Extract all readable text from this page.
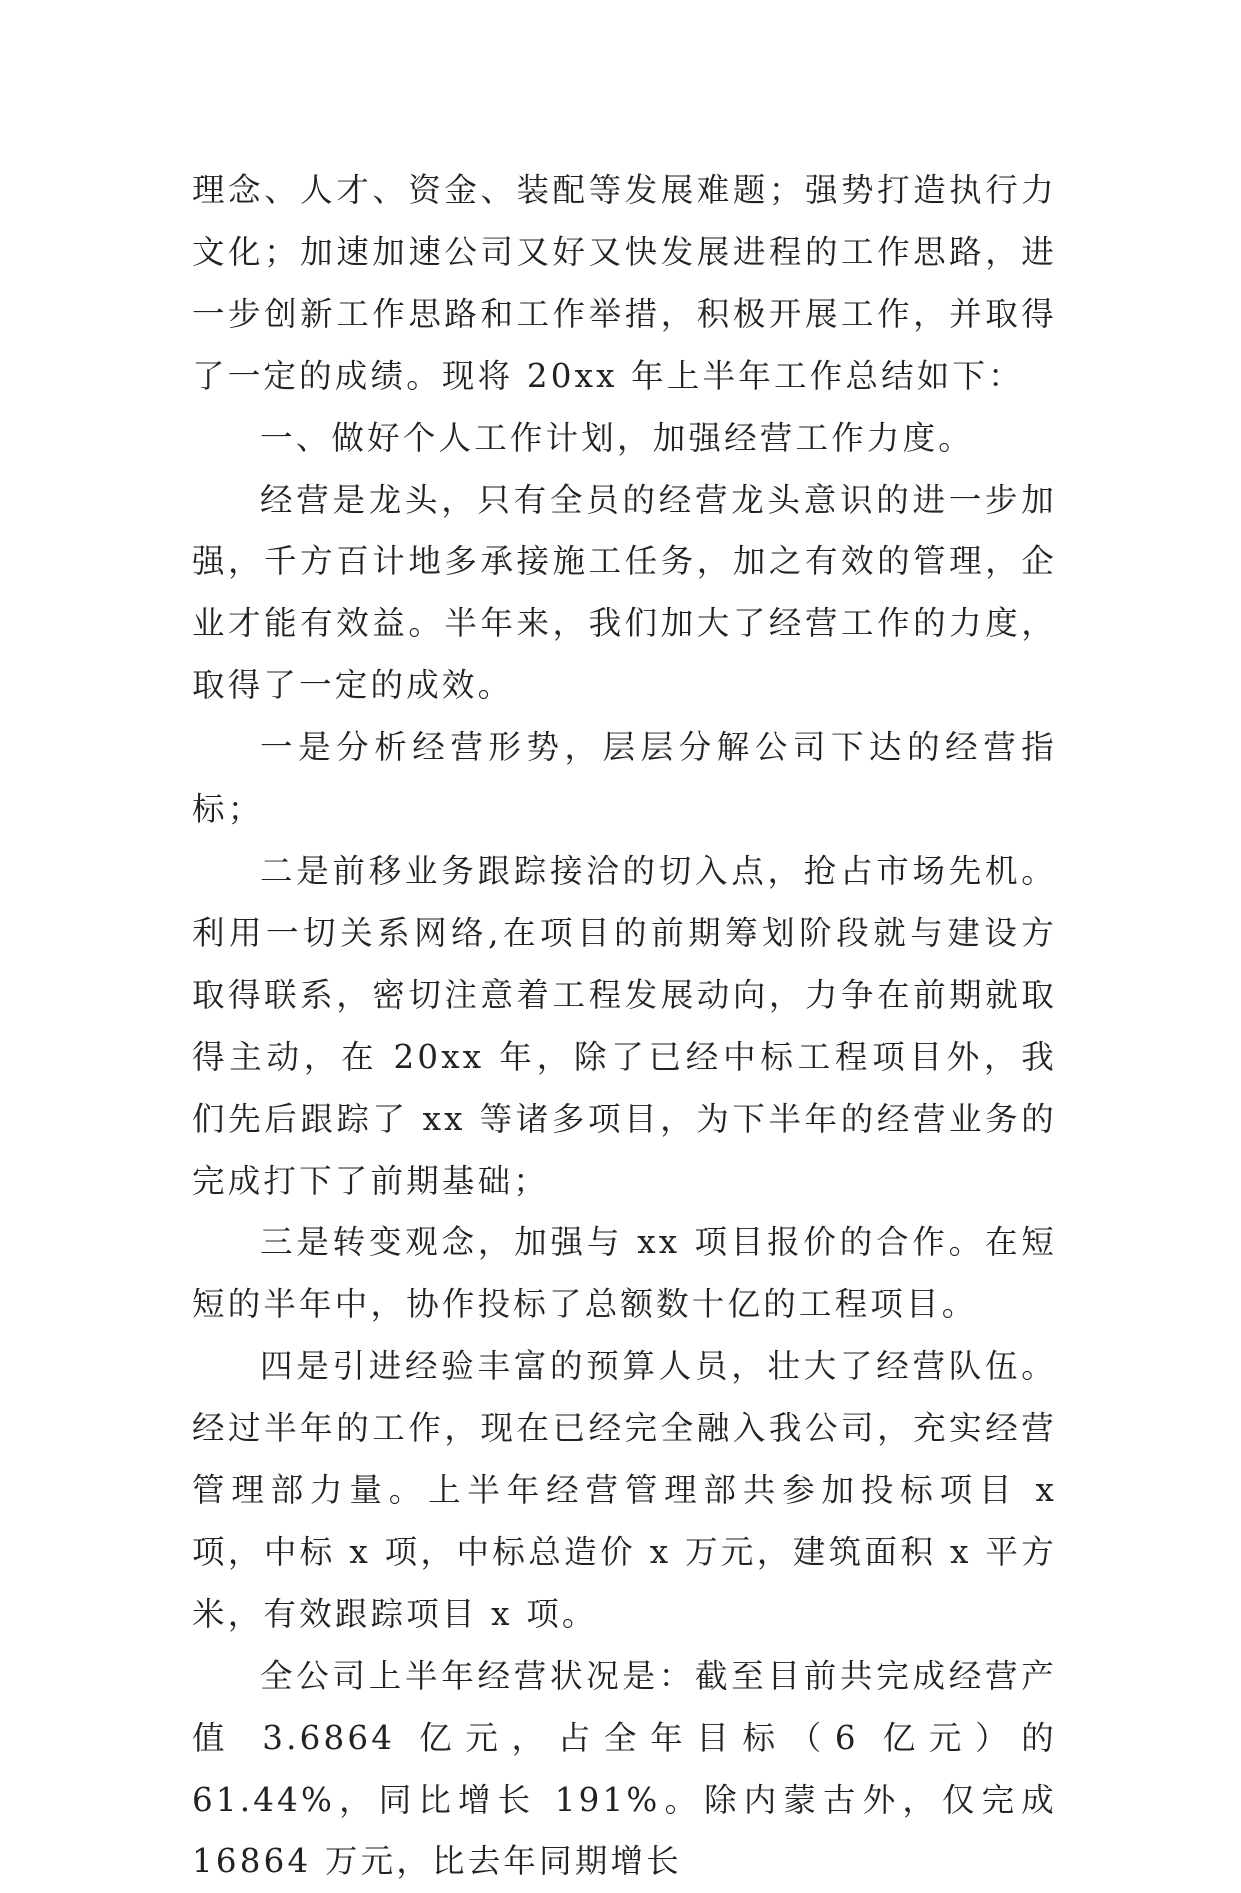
理念、人才、资金、装配等发展难题；强势打造执行力文化；加速加速公司又好又快发展进程的工作思路，进一步创新工作思路和工作举措，积极开展工作，并取得了一定的成绩。现将 20xx 年上半年工作总结如下：

一、做好个人工作计划，加强经营工作力度。

经营是龙头，只有全员的经营龙头意识的进一步加强，千方百计地多承接施工任务，加之有效的管理，企业才能有效益。半年来，我们加大了经营工作的力度，取得了一定的成效。

一是分析经营形势，层层分解公司下达的经营指标；

二是前移业务跟踪接洽的切入点，抢占市场先机。利用一切关系网络,在项目的前期筹划阶段就与建设方取得联系，密切注意着工程发展动向，力争在前期就取得主动，在 20xx 年，除了已经中标工程项目外，我们先后跟踪了 xx 等诸多项目，为下半年的经营业务的完成打下了前期基础；

三是转变观念，加强与 xx 项目报价的合作。在短短的半年中，协作投标了总额数十亿的工程项目。

四是引进经验丰富的预算人员，壮大了经营队伍。经过半年的工作，现在已经完全融入我公司，充实经营管理部力量。上半年经营管理部共参加投标项目 x 项，中标 x 项，中标总造价 x 万元，建筑面积 x 平方米，有效跟踪项目 x 项。

全公司上半年经营状况是：截至目前共完成经营产值 3.6864 亿元，占全年目标（6 亿元）的 61.44%，同比增长 191%。除内蒙古外，仅完成 16864 万元，比去年同期增长
